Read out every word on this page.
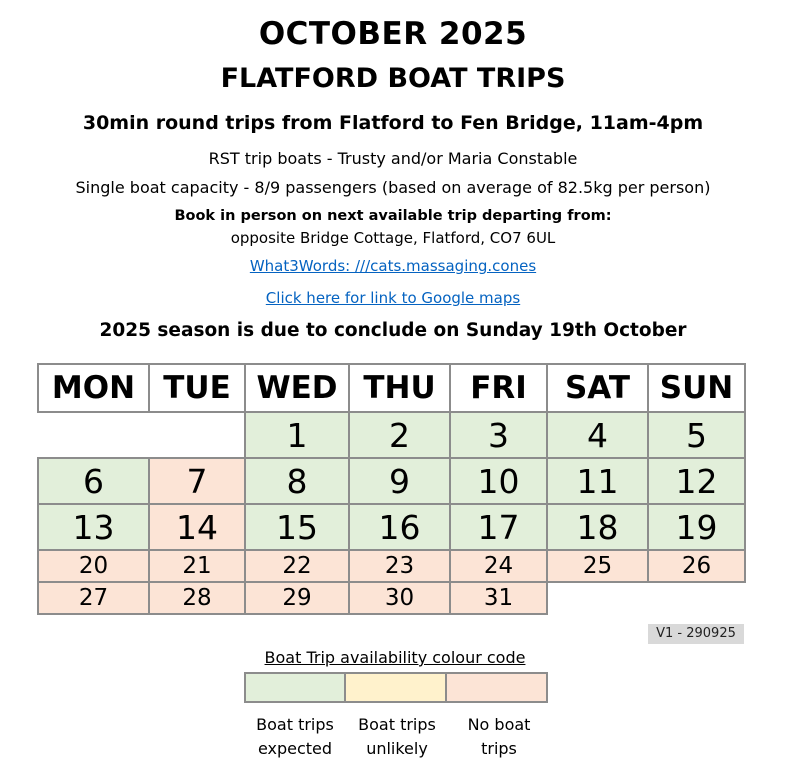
OCTOBER 2025
FLATFORD BOAT TRIPS
30min round trips from Flatford to Fen Bridge, 11am-4pm
RST trip boats - Trusty and/or Maria Constable
Single boat capacity - 8/9 passengers (based on average of 82.5kg per person)
Book in person on next available trip departing from:
opposite Bridge Cottage, Flatford, CO7 6UL
What3Words: ///cats.massaging.cones
Click here for link to Google maps
2025 season is due to conclude on Sunday 19th October
MON	TUE	WED	THU	FRI	SAT	SUN
		1	2	3	4	5
6	7	8	9	10	11	12
13	14	15	16	17	18	19
20	21	22	23	24	25	26
27	28	29	30	31		
V1 - 290925
Boat Trip availability colour code
Boat trips
expected
Boat trips
unlikely
No boat
trips
